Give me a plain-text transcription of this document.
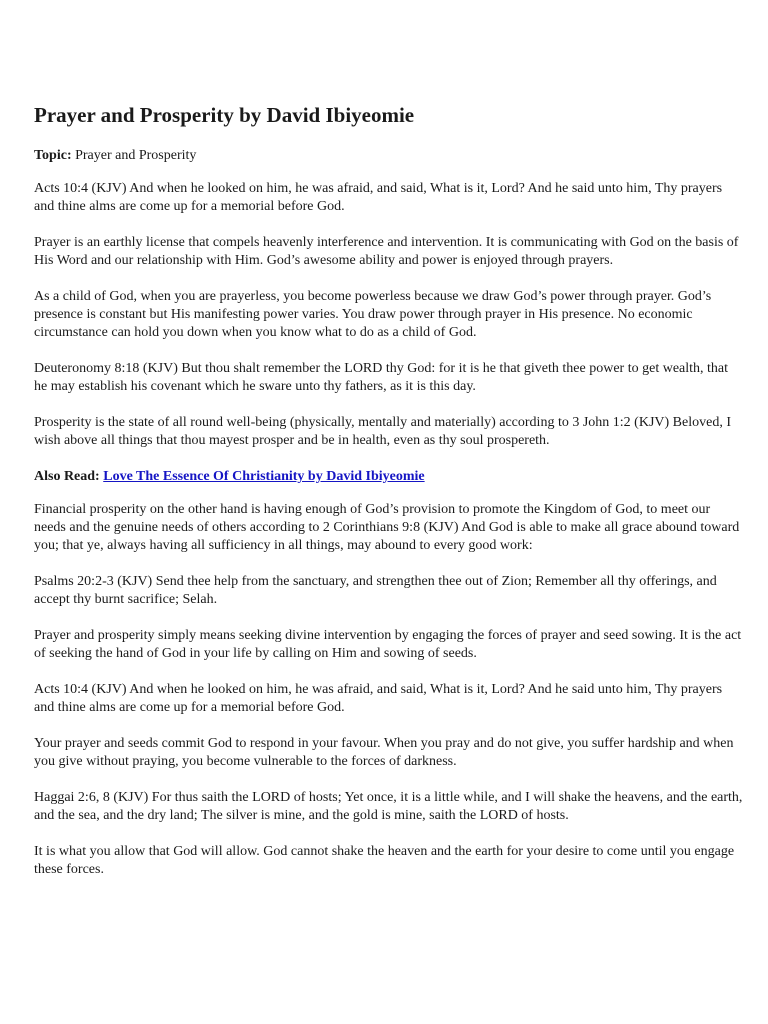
Prayer and Prosperity by David Ibiyeomie

Topic: Prayer and Prosperity

Acts 10:4 (KJV) And when he looked on him, he was afraid, and said, What is it, Lord? And he said unto him, Thy prayers and thine alms are come up for a memorial before God.

Prayer is an earthly license that compels heavenly interference and intervention. It is communicating with God on the basis of His Word and our relationship with Him. God’s awesome ability and power is enjoyed through prayers.

As a child of God, when you are prayerless, you become powerless because we draw God’s power through prayer. God’s presence is constant but His manifesting power varies. You draw power through prayer in His presence. No economic circumstance can hold you down when you know what to do as a child of God.

Deuteronomy 8:18 (KJV) But thou shalt remember the LORD thy God: for it is he that giveth thee power to get wealth, that he may establish his covenant which he sware unto thy fathers, as it is this day.

Prosperity is the state of all round well-being (physically, mentally and materially) according to 3 John 1:2 (KJV) Beloved, I wish above all things that thou mayest prosper and be in health, even as thy soul prospereth.

Also Read: Love The Essence Of Christianity by David Ibiyeomie

Financial prosperity on the other hand is having enough of God’s provision to promote the Kingdom of God, to meet our needs and the genuine needs of others according to 2 Corinthians 9:8 (KJV) And God is able to make all grace abound toward you; that ye, always having all sufficiency in all things, may abound to every good work:

Psalms 20:2-3 (KJV) Send thee help from the sanctuary, and strengthen thee out of Zion; Remember all thy offerings, and accept thy burnt sacrifice; Selah.

Prayer and prosperity simply means seeking divine intervention by engaging the forces of prayer and seed sowing. It is the act of seeking the hand of God in your life by calling on Him and sowing of seeds.

Acts 10:4 (KJV) And when he looked on him, he was afraid, and said, What is it, Lord? And he said unto him, Thy prayers and thine alms are come up for a memorial before God.

Your prayer and seeds commit God to respond in your favour. When you pray and do not give, you suffer hardship and when you give without praying, you become vulnerable to the forces of darkness.

Haggai 2:6, 8 (KJV) For thus saith the LORD of hosts; Yet once, it is a little while, and I will shake the heavens, and the earth, and the sea, and the dry land; The silver is mine, and the gold is mine, saith the LORD of hosts.

It is what you allow that God will allow. God cannot shake the heaven and the earth for your desire to come until you engage these forces.
